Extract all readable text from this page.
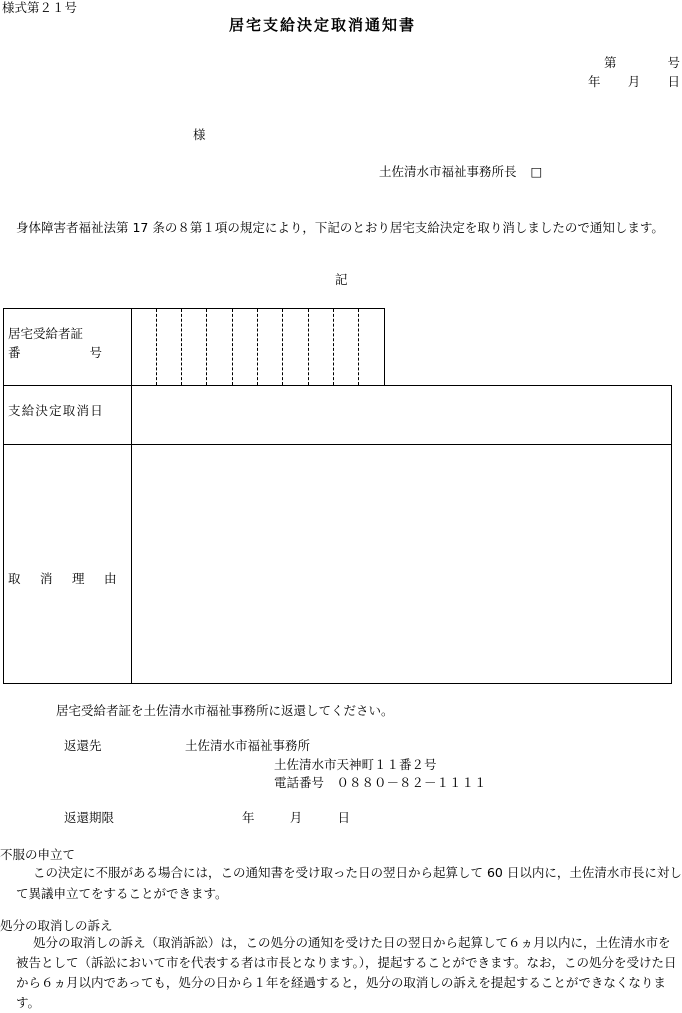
様式第２１号
居宅支給決定取消通知書
第	号
年 月 日
様
土佐清水市福祉事務所長 □
身体障害者福祉法第 17 条の８第１項の規定により，下記のとおり居宅支給決定を取り消しましたので通知します。
記
居宅受給者証
番	号
支給決定取消日
取　消　理　由
居宅受給者証を土佐清水市福祉事務所に返還してください。
返還先	土佐清水市福祉事務所
土佐清水市天神町１１番２号
電話番号　０８８０－８２－１１１１
返還期限	年	月	日
不服の申立て
この決定に不服がある場合には，この通知書を受け取った日の翌日から起算して 60 日以内に，土佐清水市長に対して異議申立てをすることができます。
処分の取消しの訴え
処分の取消しの訴え（取消訴訟）は，この処分の通知を受けた日の翌日から起算して６ヵ月以内に，土佐清水市を被告として（訴訟において市を代表する者は市長となります。），提起することができます。なお，この処分を受けた日から６ヵ月以内であっても，処分の日から１年を経過すると，処分の取消しの訴えを提起することができなくなります。
